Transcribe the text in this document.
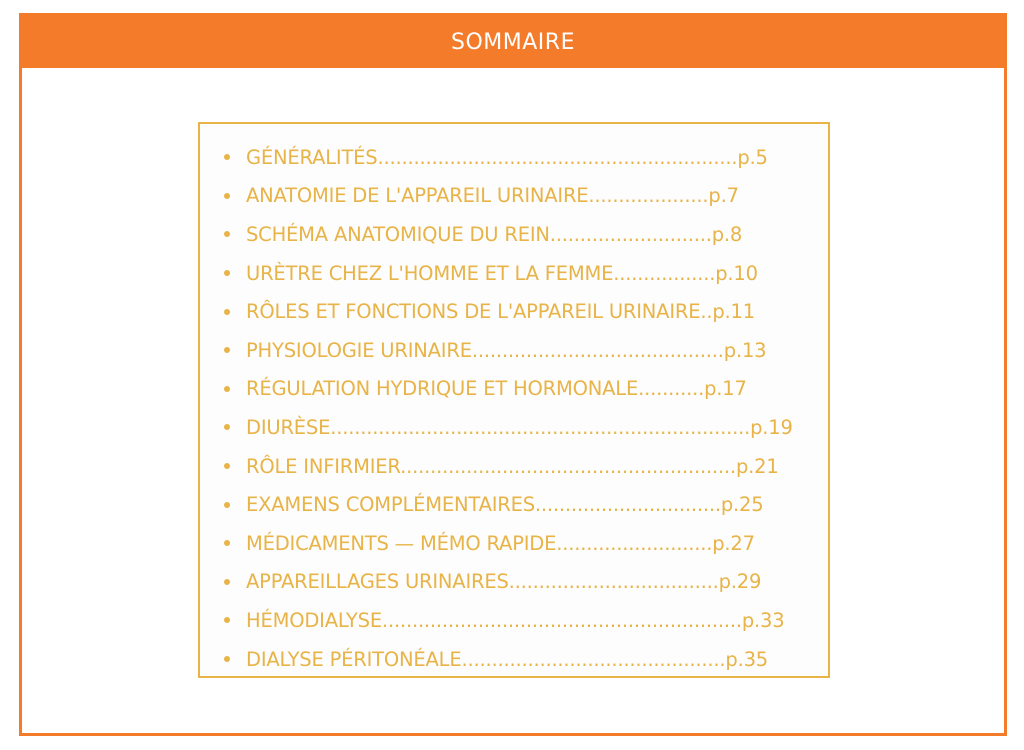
SOMMAIRE
GÉNÉRALITÉS............................................................p.5
ANATOMIE DE L'APPAREIL URINAIRE....................p.7
SCHÉMA ANATOMIQUE DU REIN...........................p.8
URÈTRE CHEZ L'HOMME ET LA FEMME.................p.10
RÔLES ET FONCTIONS DE L'APPAREIL URINAIRE..p.11
PHYSIOLOGIE URINAIRE..........................................p.13
RÉGULATION HYDRIQUE ET HORMONALE...........p.17
DIURÈSE......................................................................p.19
RÔLE INFIRMIER........................................................p.21
EXAMENS COMPLÉMENTAIRES...............................p.25
MÉDICAMENTS — MÉMO RAPIDE..........................p.27
APPAREILLAGES URINAIRES...................................p.29
HÉMODIALYSE............................................................p.33
DIALYSE PÉRITONÉALE............................................p.35
